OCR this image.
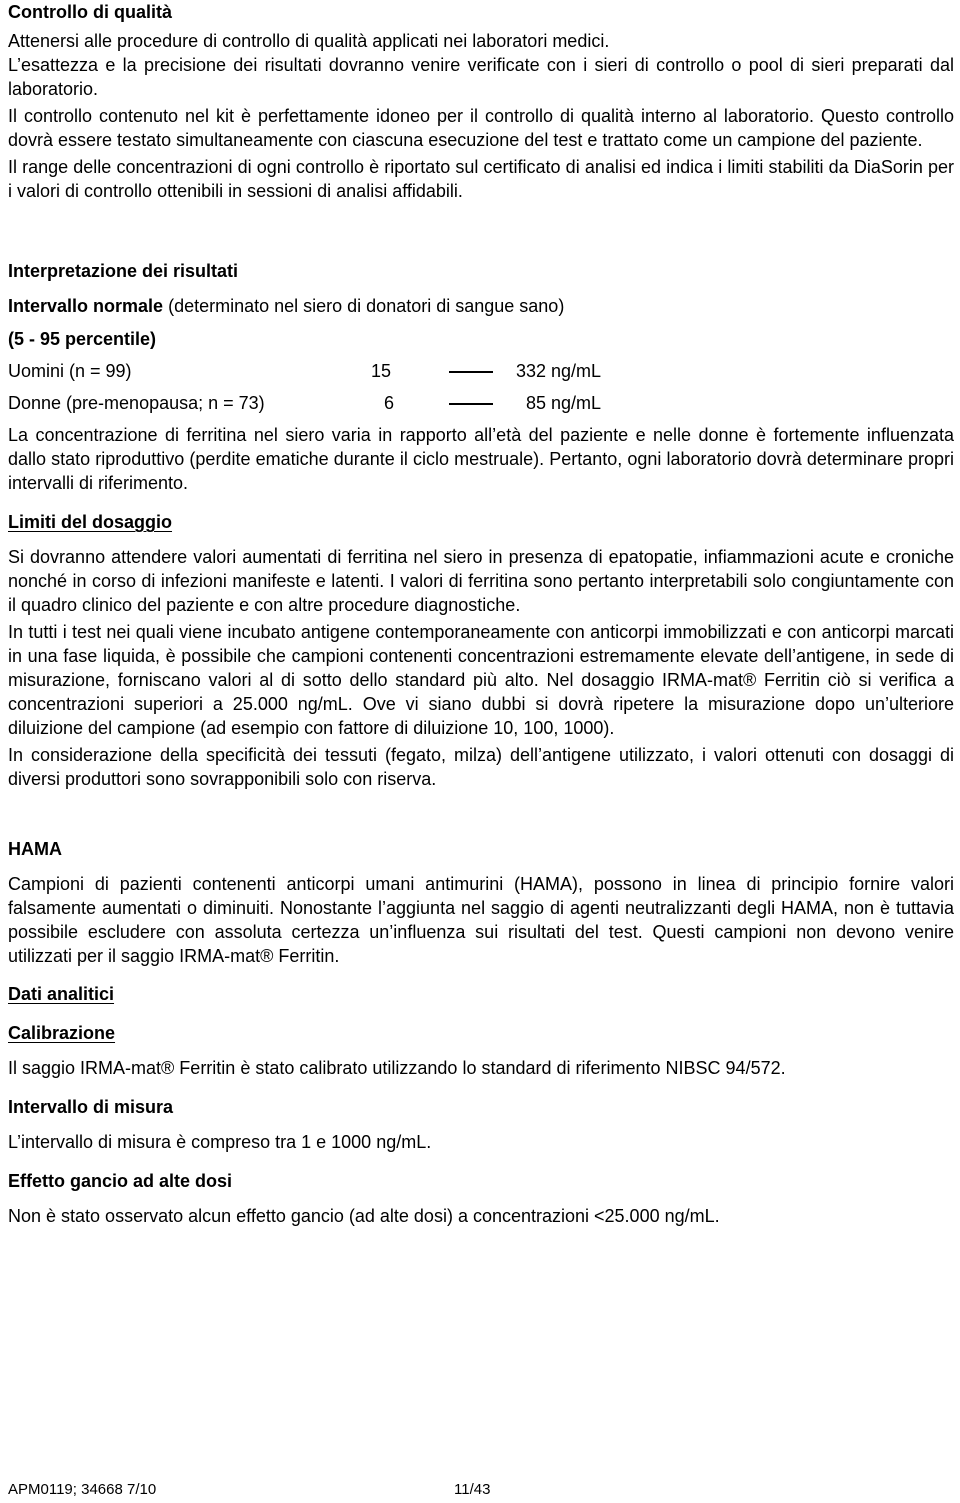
Controllo di qualità

Attenersi alle procedure di controllo di qualità applicati nei laboratori medici.

L’esattezza e la precisione dei risultati dovranno venire verificate con i sieri di controllo o pool di sieri preparati dal laboratorio.

Il controllo contenuto nel kit è perfettamente idoneo per il controllo di qualità interno al laboratorio. Questo controllo dovrà essere testato simultaneamente con ciascuna esecuzione del test e trattato come un campione del paziente.

Il range delle concentrazioni di ogni controllo è riportato sul certificato di analisi ed indica i limiti stabiliti da DiaSorin per i valori di controllo ottenibili in sessioni di analisi affidabili.

Interpretazione dei risultati

Intervallo normale (determinato nel siero di donatori di sangue sano)

(5 - 95 percentile)

Uomini (n = 99)	15	332 ng/mL
Donne (pre-menopausa; n = 73)	6	85 ng/mL

La concentrazione di ferritina nel siero varia in rapporto all’età del paziente e nelle donne è fortemente influenzata dallo stato riproduttivo (perdite ematiche durante il ciclo mestruale). Pertanto, ogni laboratorio dovrà determinare propri intervalli di riferimento.

Limiti del dosaggio

Si dovranno attendere valori aumentati di ferritina nel siero in presenza di epatopatie, infiammazioni acute e croniche nonché in corso di infezioni manifeste e latenti. I valori di ferritina sono pertanto interpretabili solo congiuntamente con il quadro clinico del paziente e con altre procedure diagnostiche.

In tutti i test nei quali viene incubato antigene contemporaneamente con anticorpi immobilizzati e con anticorpi marcati in una fase liquida, è possibile che campioni contenenti concentrazioni estremamente elevate dell’antigene, in sede di misurazione, forniscano valori al di sotto dello standard più alto. Nel dosaggio IRMA-mat® Ferritin ciò si verifica a concentrazioni superiori a 25.000 ng/mL. Ove vi siano dubbi si dovrà ripetere la misurazione dopo un’ulteriore diluizione del campione (ad esempio con fattore di diluizione 10, 100, 1000).

In considerazione della specificità dei tessuti (fegato, milza) dell’antigene utilizzato, i valori ottenuti con dosaggi di diversi produttori sono sovrapponibili solo con riserva.

HAMA

Campioni di pazienti contenenti anticorpi umani antimurini (HAMA), possono in linea di principio fornire valori falsamente aumentati o diminuiti. Nonostante l’aggiunta nel saggio di agenti neutralizzanti degli HAMA, non è tuttavia possibile escludere con assoluta certezza un’influenza sui risultati del test. Questi campioni non devono venire utilizzati per il saggio IRMA-mat® Ferritin.

Dati analitici
Calibrazione

Il saggio IRMA-mat® Ferritin è stato calibrato utilizzando lo standard di riferimento NIBSC 94/572.

Intervallo di misura

L’intervallo di misura è compreso tra 1 e 1000 ng/mL.

Effetto gancio ad alte dosi

Non è stato osservato alcun effetto gancio (ad alte dosi) a concentrazioni <25.000 ng/mL.

APM0119; 34668 7/10	11/43
